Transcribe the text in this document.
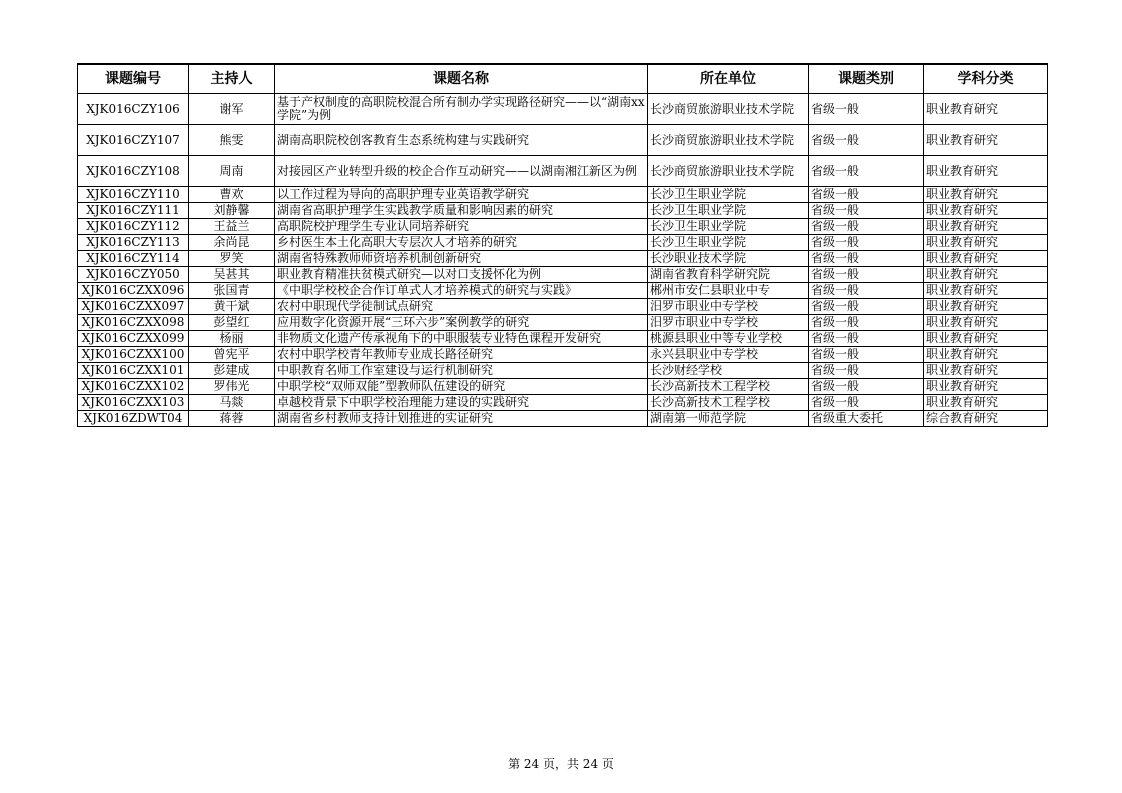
课题编号	主持人	课题名称	所在单位	课题类别	学科分类
XJK016CZY106	谢军	基于产权制度的高职院校混合所有制办学实现路径研究——以“湖南xx学院”为例	长沙商贸旅游职业技术学院	省级一般	职业教育研究
XJK016CZY107	熊雯	湖南高职院校创客教育生态系统构建与实践研究	长沙商贸旅游职业技术学院	省级一般	职业教育研究
XJK016CZY108	周南	对接园区产业转型升级的校企合作互动研究——以湖南湘江新区为例	长沙商贸旅游职业技术学院	省级一般	职业教育研究
XJK016CZY110	曹欢	以工作过程为导向的高职护理专业英语教学研究	长沙卫生职业学院	省级一般	职业教育研究
XJK016CZY111	刘静馨	湖南省高职护理学生实践教学质量和影响因素的研究	长沙卫生职业学院	省级一般	职业教育研究
XJK016CZY112	王益兰	高职院校护理学生专业认同培养研究	长沙卫生职业学院	省级一般	职业教育研究
XJK016CZY113	余尚昆	乡村医生本土化高职大专层次人才培养的研究	长沙卫生职业学院	省级一般	职业教育研究
XJK016CZY114	罗笑	湖南省特殊教师师资培养机制创新研究	长沙职业技术学院	省级一般	职业教育研究
XJK016CZY050	吴甚其	职业教育精准扶贫模式研究—以对口支援怀化为例	湖南省教育科学研究院	省级一般	职业教育研究
XJK016CZXX096	张国青	《中职学校校企合作订单式人才培养模式的研究与实践》	郴州市安仁县职业中专	省级一般	职业教育研究
XJK016CZXX097	黄干斌	农村中职现代学徒制试点研究	汨罗市职业中专学校	省级一般	职业教育研究
XJK016CZXX098	彭望红	应用数字化资源开展“三环六步”案例教学的研究	汨罗市职业中专学校	省级一般	职业教育研究
XJK016CZXX099	杨丽	非物质文化遗产传承视角下的中职服装专业特色课程开发研究	桃源县职业中等专业学校	省级一般	职业教育研究
XJK016CZXX100	曾宪平	农村中职学校青年教师专业成长路径研究	永兴县职业中专学校	省级一般	职业教育研究
XJK016CZXX101	彭建成	中职教育名师工作室建设与运行机制研究	长沙财经学校	省级一般	职业教育研究
XJK016CZXX102	罗伟光	中职学校“双师双能”型教师队伍建设的研究	长沙高新技术工程学校	省级一般	职业教育研究
XJK016CZXX103	马燚	卓越校背景下中职学校治理能力建设的实践研究	长沙高新技术工程学校	省级一般	职业教育研究
XJK016ZDWT04	蒋蓉	湖南省乡村教师支持计划推进的实证研究	湖南第一师范学院	省级重大委托	综合教育研究
第 24 页，共 24 页
